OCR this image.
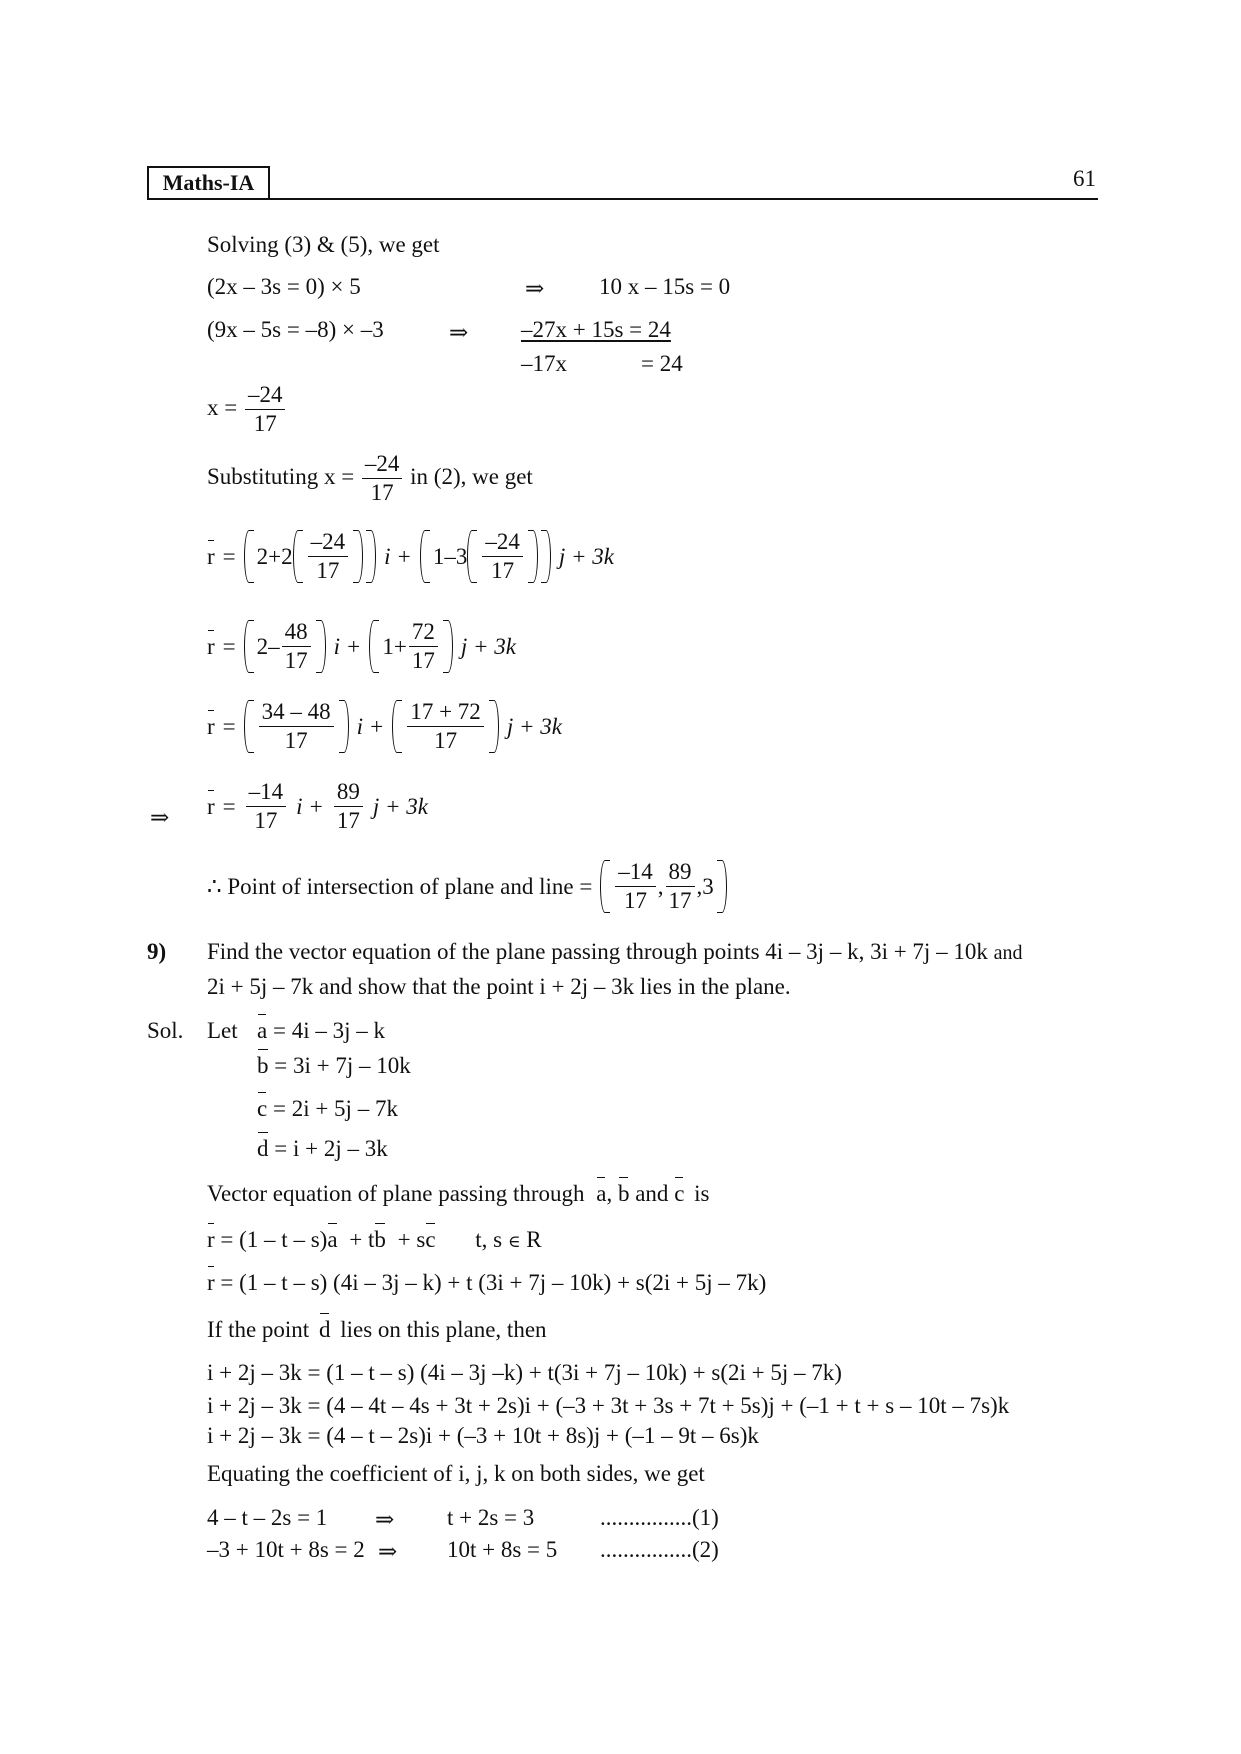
Maths-IA	61
Solving (3) & (5), we get
(2x – 3s = 0) × 5	⇒ 10 x – 15s = 0
(9x – 5s = –8) × –3	⇒ –27x + 15s = 24
–17x	= 24
$x = \frac{-24}{17}$
Substituting $x = \frac{-24}{17}$ in (2), we get
r = 2+2
–24
17
i + 1–3
–24
17
j + 3k
r = 2–
48
17
$i + 1+ \frac{72}{17}$ j + 3k
r =
34 – 48
17
i +
17 + 72
17
j + 3k
⇒ $r = \frac{-14}{17}$ $i + \frac{89}{17}$ j + 3k
∴ Point of intersection of plane and line =
–14
17
,
89
17
,3
9) Find the vector equation of the plane passing through points 4i – 3j – k, 3i + 7j – 10k and
2i + 5j – 7k and show that the point i + 2j – 3k lies in the plane.
Sol. Let a = 4i – 3j – k
b = 3i + 7j – 10k
c = 2i + 5j – 7k
d = i + 2j – 3k
Vector equation of plane passing through a, b and c is
r = (1 – t – s)a + tb + sc t, s ∈ R
r = (1 – t – s) (4i – 3j – k) + t (3i + 7j – 10k) + s(2i + 5j – 7k)
If the point d lies on this plane, then
i + 2j – 3k = (1 – t – s) (4i – 3j –k) + t(3i + 7j – 10k) + s(2i + 5j – 7k)
i + 2j – 3k = (4 – 4t – 4s + 3t + 2s)i + (–3 + 3t + 3s + 7t + 5s)j + (–1 + t + s – 10t – 7s)k
i + 2j – 3k = (4 – t – 2s)i + (–3 + 10t + 8s)j + (–1 – 9t – 6s)k
Equating the coefficient of i, j, k on both sides, we get
4 – t – 2s = 1 ⇒ t + 2s = 3	................(1)
–3 + 10t + 8s = 2 ⇒ 10t + 8s = 5 ................(2)
